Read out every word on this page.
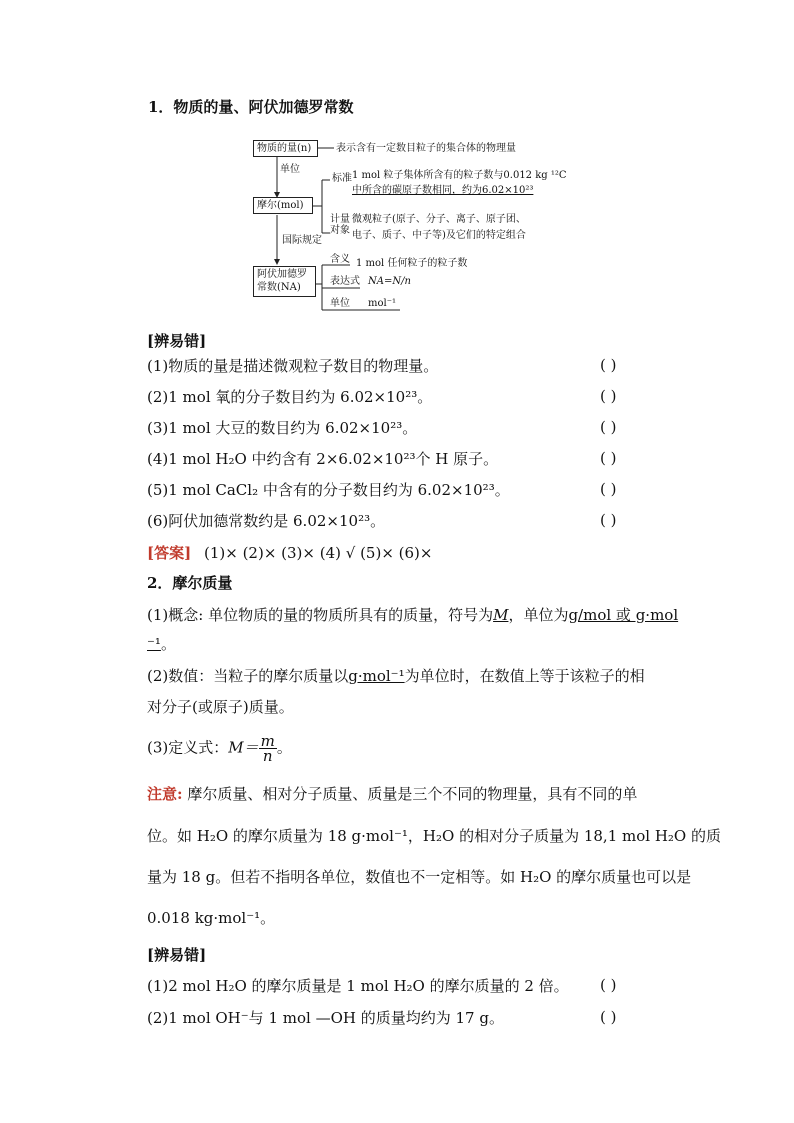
1．物质的量、阿伏加德罗常数
物质的量(n)	表示含有一定数目粒子的集合体的物理量
单位
标准 1 mol 粒子集体所含有的粒子数与0.012 kg ¹²C
中所含的碳原子数相同，约为6.02×10²³
摩尔(mol)
计量
对象
微观粒子(原子、分子、离子、原子团、
电子、质子、中子等)及它们的特定组合
国际规定
阿伏加德罗
常数(NA)
含义 1 mol 任何粒子的粒子数
表达式 NA=N/n
单位 mol⁻¹
[辨易错]
(1)物质的量是描述微观粒子数目的物理量。	( )
(2)1 mol 氧的分子数目约为 6.02×10²³。	( )
(3)1 mol 大豆的数目约为 6.02×10²³。	( )
(4)1 mol H₂O 中约含有 2×6.02×10²³个 H 原子。	( )
(5)1 mol CaCl₂ 中含有的分子数目约为 6.02×10²³。	( )
(6)阿伏加德常数约是 6.02×10²³。	( )
[答案] (1)× (2)× (3)× (4) √ (5)× (6)×
2．摩尔质量
(1)概念: 单位物质的量的物质所具有的质量，符号为M，单位为g/mol 或 g·mol
⁻¹。
(2)数值：当粒子的摩尔质量以g·mol⁻¹为单位时，在数值上等于该粒子的相
对分子(或原子)质量。
(3)定义式：$M= \frac{m}{n}$ 。
注意: 摩尔质量、相对分子质量、质量是三个不同的物理量，具有不同的单
位。如 H₂O 的摩尔质量为 18 g·mol⁻¹，H₂O 的相对分子质量为 18,1 mol H₂O 的质
量为 18 g。但若不指明各单位，数值也不一定相等。如 H₂O 的摩尔质量也可以是
0.018 kg·mol⁻¹。
[辨易错]
(1)2 mol H₂O 的摩尔质量是 1 mol H₂O 的摩尔质量的 2 倍。 ( )
(2)1 mol OH⁻与 1 mol —OH 的质量均约为 17 g。	( )
